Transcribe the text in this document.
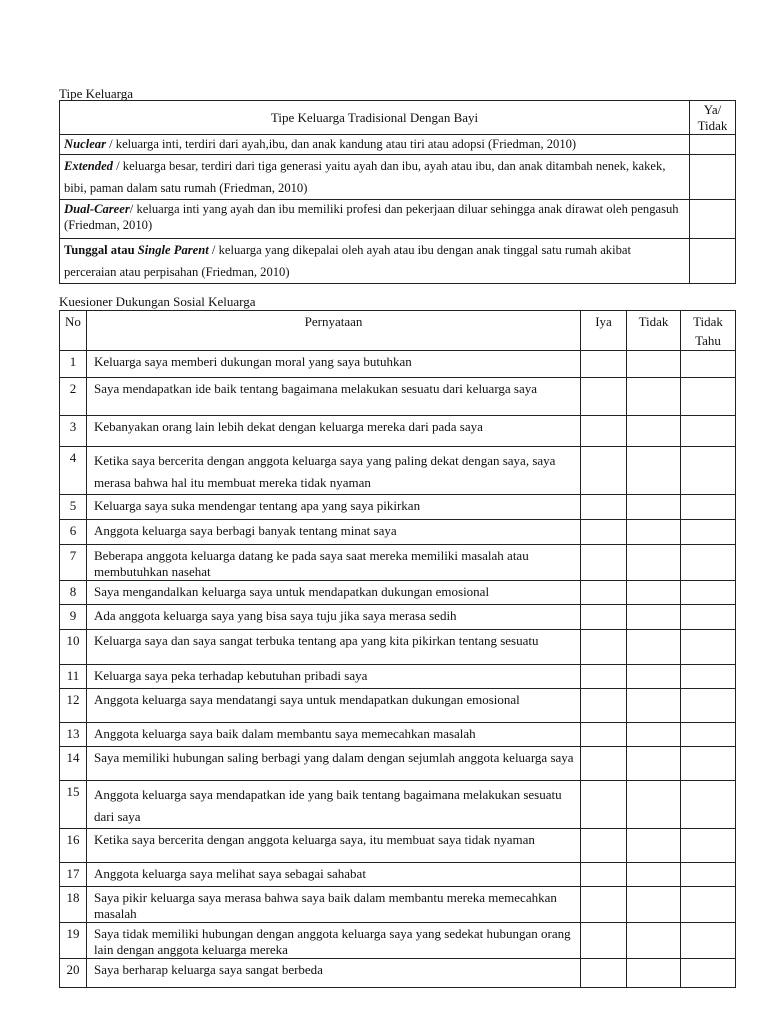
Tipe Keluarga
Tipe Keluarga Tradisional Dengan Bayi	Ya/
Tidak

Nuclear / keluarga inti, terdiri dari ayah,ibu, dan anak kandung atau tiri atau adopsi (Friedman, 2010)	
Extended / keluarga besar, terdiri dari tiga generasi yaitu ayah dan ibu, ayah atau ibu, dan anak ditambah nenek, kakek, bibi, paman dalam satu rumah (Friedman, 2010)	
Dual-Career/ keluarga inti yang ayah dan ibu memiliki profesi dan pekerjaan diluar sehingga anak dirawat oleh pengasuh (Friedman, 2010)	
Tunggal atau Single Parent / keluarga yang dikepalai oleh ayah atau ibu dengan anak tinggal satu rumah akibat perceraian atau perpisahan (Friedman, 2010)	
Kuesioner Dukungan Sosial Keluarga
No	Pernyataan	Iya	Tidak	Tidak
Tahu

1	Keluarga saya memberi dukungan moral yang saya butuhkan			
2	Saya mendapatkan ide baik tentang bagaimana melakukan sesuatu dari keluarga saya			
3	Kebanyakan orang lain lebih dekat dengan keluarga mereka dari pada saya			
4	Ketika saya bercerita dengan anggota keluarga saya yang paling dekat dengan saya, saya merasa bahwa hal itu membuat mereka tidak nyaman			
5	Keluarga saya suka mendengar tentang apa yang saya pikirkan			
6	Anggota keluarga saya berbagi banyak tentang minat saya			
7	Beberapa anggota keluarga datang ke pada saya saat mereka memiliki masalah atau membutuhkan nasehat			
8	Saya mengandalkan keluarga saya untuk mendapatkan dukungan emosional			
9	Ada anggota keluarga saya yang bisa saya tuju jika saya merasa sedih			
10	Keluarga saya dan saya sangat terbuka tentang apa yang kita pikirkan tentang sesuatu			
11	Keluarga saya peka terhadap kebutuhan pribadi saya			
12	Anggota keluarga saya mendatangi saya untuk mendapatkan dukungan emosional			
13	Anggota keluarga saya baik dalam membantu saya memecahkan masalah			
14	Saya memiliki hubungan saling berbagi yang dalam dengan sejumlah anggota keluarga saya			
15	Anggota keluarga saya mendapatkan ide yang baik tentang bagaimana melakukan sesuatu dari saya			
16	Ketika saya bercerita dengan anggota keluarga saya, itu membuat saya tidak nyaman			
17	Anggota keluarga saya melihat saya sebagai sahabat			
18	Saya pikir keluarga saya merasa bahwa saya baik dalam membantu mereka memecahkan masalah			
19	Saya tidak memiliki hubungan dengan anggota keluarga saya yang sedekat hubungan orang lain dengan anggota keluarga mereka			
20	Saya berharap keluarga saya sangat berbeda			
